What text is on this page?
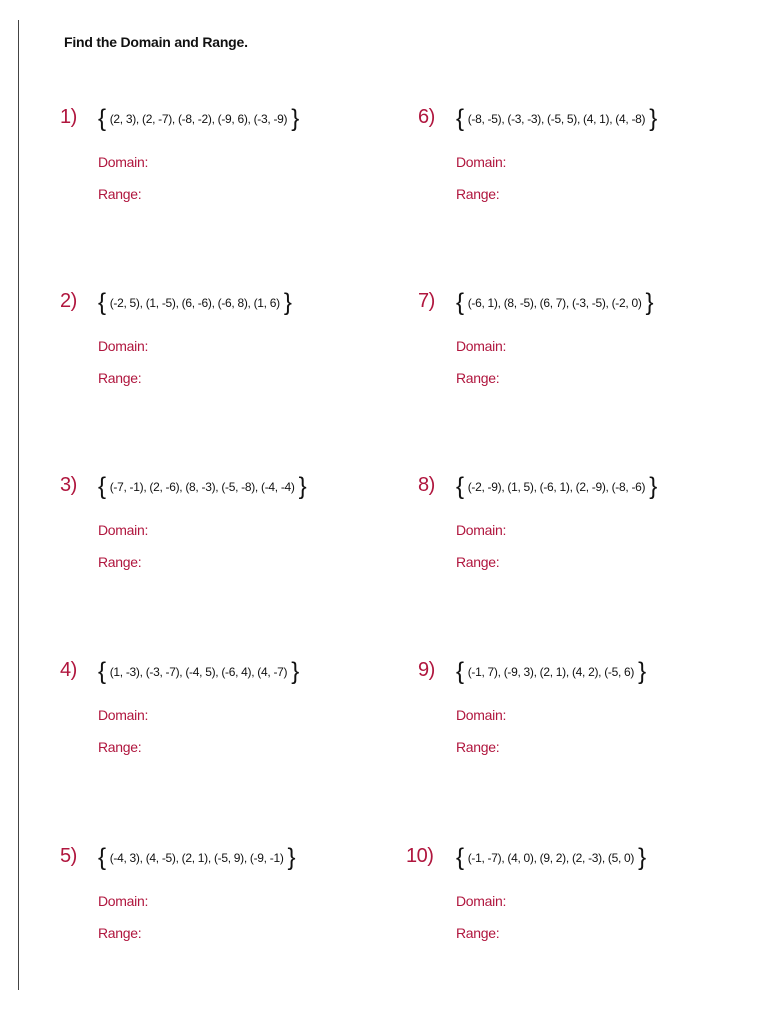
Find the Domain and Range.
1) { (2, 3), (2, -7), (-8, -2), (-9, 6), (-3, -9) }
Domain:
Range:
2) { (-2, 5), (1, -5), (6, -6), (-6, 8), (1, 6) }
Domain:
Range:
3) { (-7, -1), (2, -6), (8, -3), (-5, -8), (-4, -4) }
Domain:
Range:
4) { (1, -3), (-3, -7), (-4, 5), (-6, 4), (4, -7) }
Domain:
Range:
5) { (-4, 3), (4, -5), (2, 1), (-5, 9), (-9, -1) }
Domain:
Range:
6) { (-8, -5), (-3, -3), (-5, 5), (4, 1), (4, -8) }
Domain:
Range:
7) { (-6, 1), (8, -5), (6, 7), (-3, -5), (-2, 0) }
Domain:
Range:
8) { (-2, -9), (1, 5), (-6, 1), (2, -9), (-8, -6) }
Domain:
Range:
9) { (-1, 7), (-9, 3), (2, 1), (4, 2), (-5, 6) }
Domain:
Range:
10) { (-1, -7), (4, 0), (9, 2), (2, -3), (5, 0) }
Domain:
Range:
